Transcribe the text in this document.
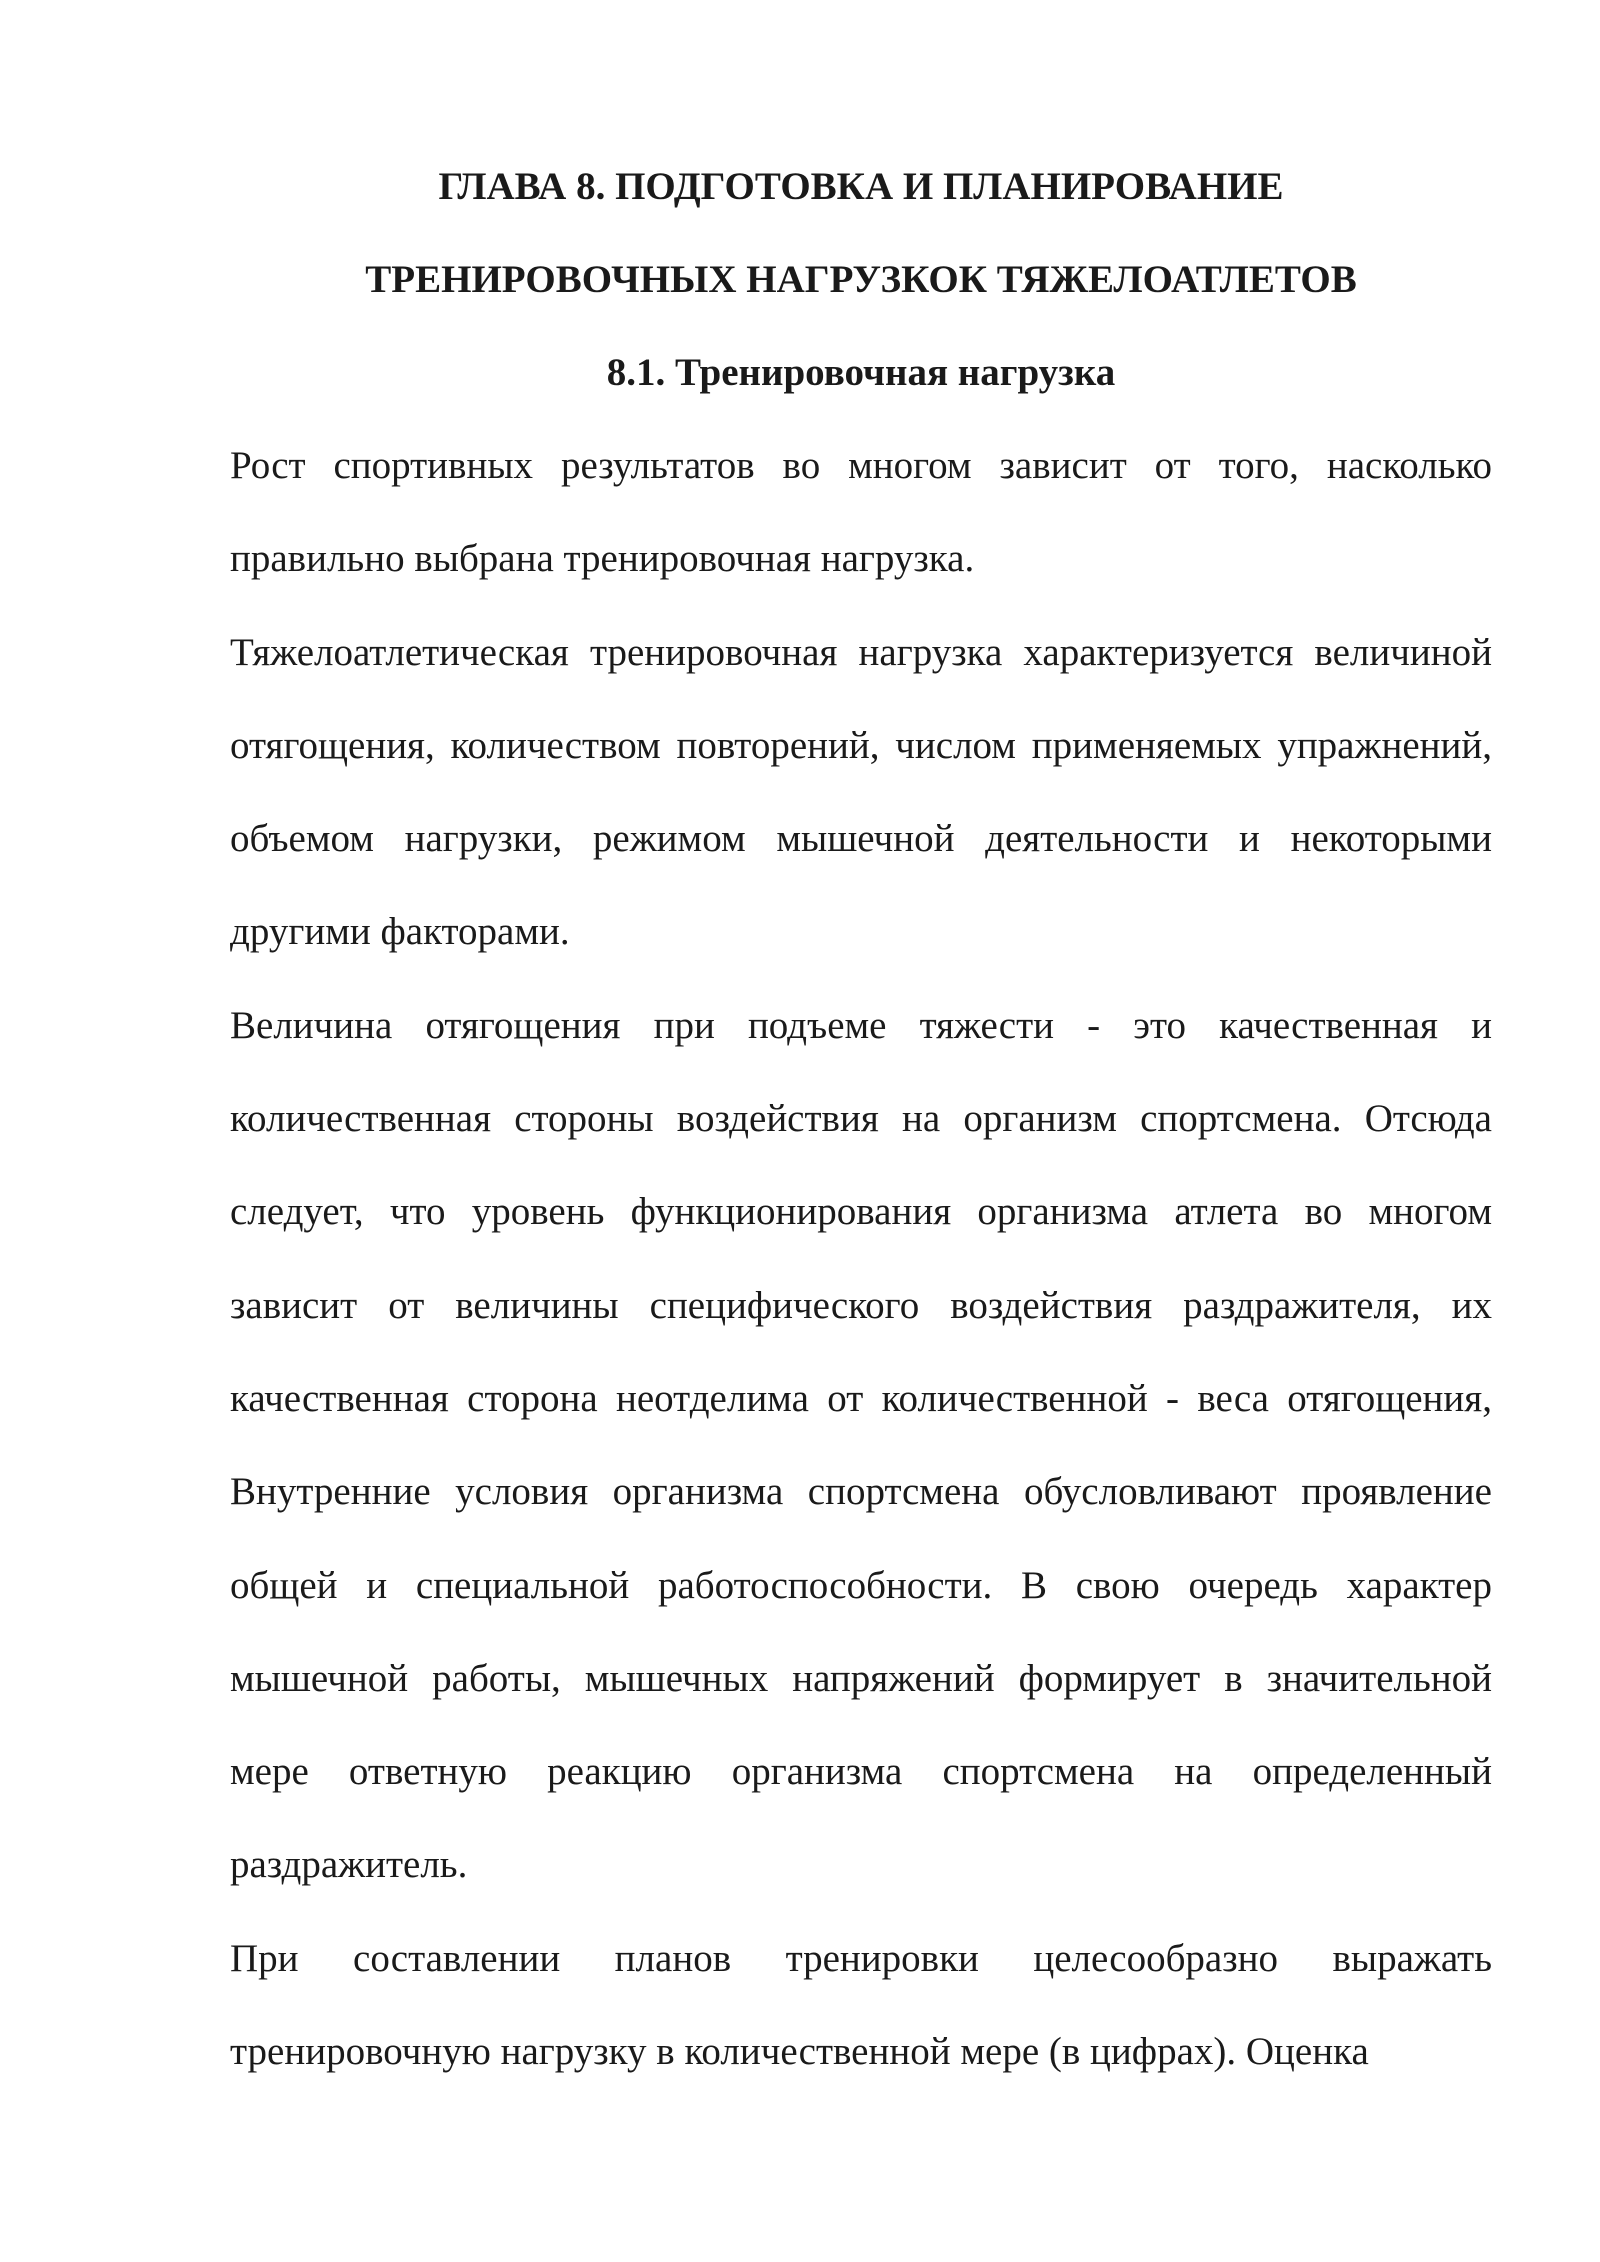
ГЛАВА 8. ПОДГОТОВКА И ПЛАНИРОВАНИЕ
ТРЕНИРОВОЧНЫХ НАГРУЗКОК ТЯЖЕЛОАТЛЕТОВ
8.1. Тренировочная нагрузка

Рост спортивных результатов во многом зависит от того, насколько правильно выбрана тренировочная нагрузка.

Тяжелоатлетическая тренировочная нагрузка характеризуется величиной отягощения, количеством повторений, числом применяемых упражнений, объемом нагрузки, режимом мышечной деятельности и некоторыми другими факторами.

Величина отягощения при подъеме тяжести - это качественная и количественная стороны воздействия на организм спортсмена. Отсюда следует, что уровень функционирования организма атлета во многом зависит от величины специфического воздействия раздражителя, их качественная сторона неотделима от количественной - веса отягощения, Внутренние условия организма спортсмена обусловливают проявление общей и специальной работоспособности. В свою очередь характер мышечной работы, мышечных напряжений формирует в значительной мере ответную реакцию организма спортсмена на определенный раздражитель.

При составлении планов тренировки целесообразно выражать тренировочную нагрузку в количественной мере (в цифрах). Оценка
